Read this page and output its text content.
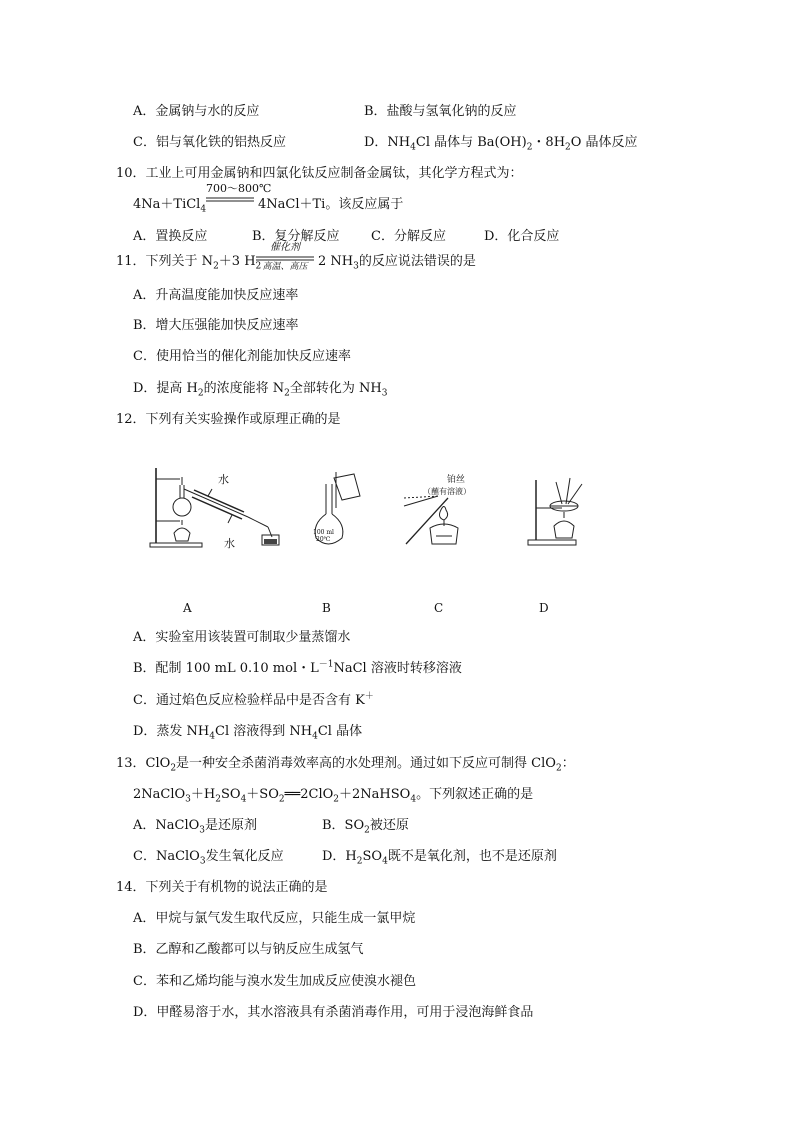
A．金属钠与水的反应	B．盐酸与氢氧化钠的反应
C．铝与氧化铁的铝热反应	D．$NH_4Cl$ 晶体与 $Ba(OH)_2$・$8H_2O$ 晶体反应
10．工业上可用金属钠和四氯化钛反应制备金属钛，其化学方程式为：
700～800℃
4Na＋TiCl$_4$	4NaCl＋Ti。该反应属于
A．置换反应	B．复分解反应 C．分解反应	D．化合反应
11．下列关于 $N_2+3$ $H_2$
催化剂
高温、高压 2 $NH_3$的反应说法错误的是
A．升高温度能加快反应速率
B．增大压强能加快反应速率
C．使用恰当的催化剂能加快反应速率
D．提高 $H_2$的浓度能将 $N_2$全部转化为 $NH_3$
12．下列有关实验操作或原理正确的是
水
水
100 ml
20℃
铂丝
（蘸有溶液）
A	B	C	D
A．实验室用该装置可制取少量蒸馏水
B．配制 100 mL 0.10 mol・$L^{-1}NaCl$ 溶液时转移溶液
C．通过焰色反应检验样品中是否含有 K＋
D．蒸发 $NH_4Cl$ 溶液得到 $NH_4Cl$ 晶体
13．ClO$_2$是一种安全杀菌消毒效率高的水处理剂。通过如下反应可制得 ClO$_2$：
$2NaClO_3+H_2SO_4+SO_2══2ClO_2+2NaHSO_4$。下列叙述正确的是
A．NaClO$_3$是还原剂	B．$SO_2$被还原
C．NaClO$_3$发生氧化反应	D．$H_2SO_4$既不是氧化剂，也不是还原剂
14．下列关于有机物的说法正确的是
A．甲烷与氯气发生取代反应，只能生成一氯甲烷
B．乙醇和乙酸都可以与钠反应生成氢气
C．苯和乙烯均能与溴水发生加成反应使溴水褪色
D．甲醛易溶于水，其水溶液具有杀菌消毒作用，可用于浸泡海鲜食品
